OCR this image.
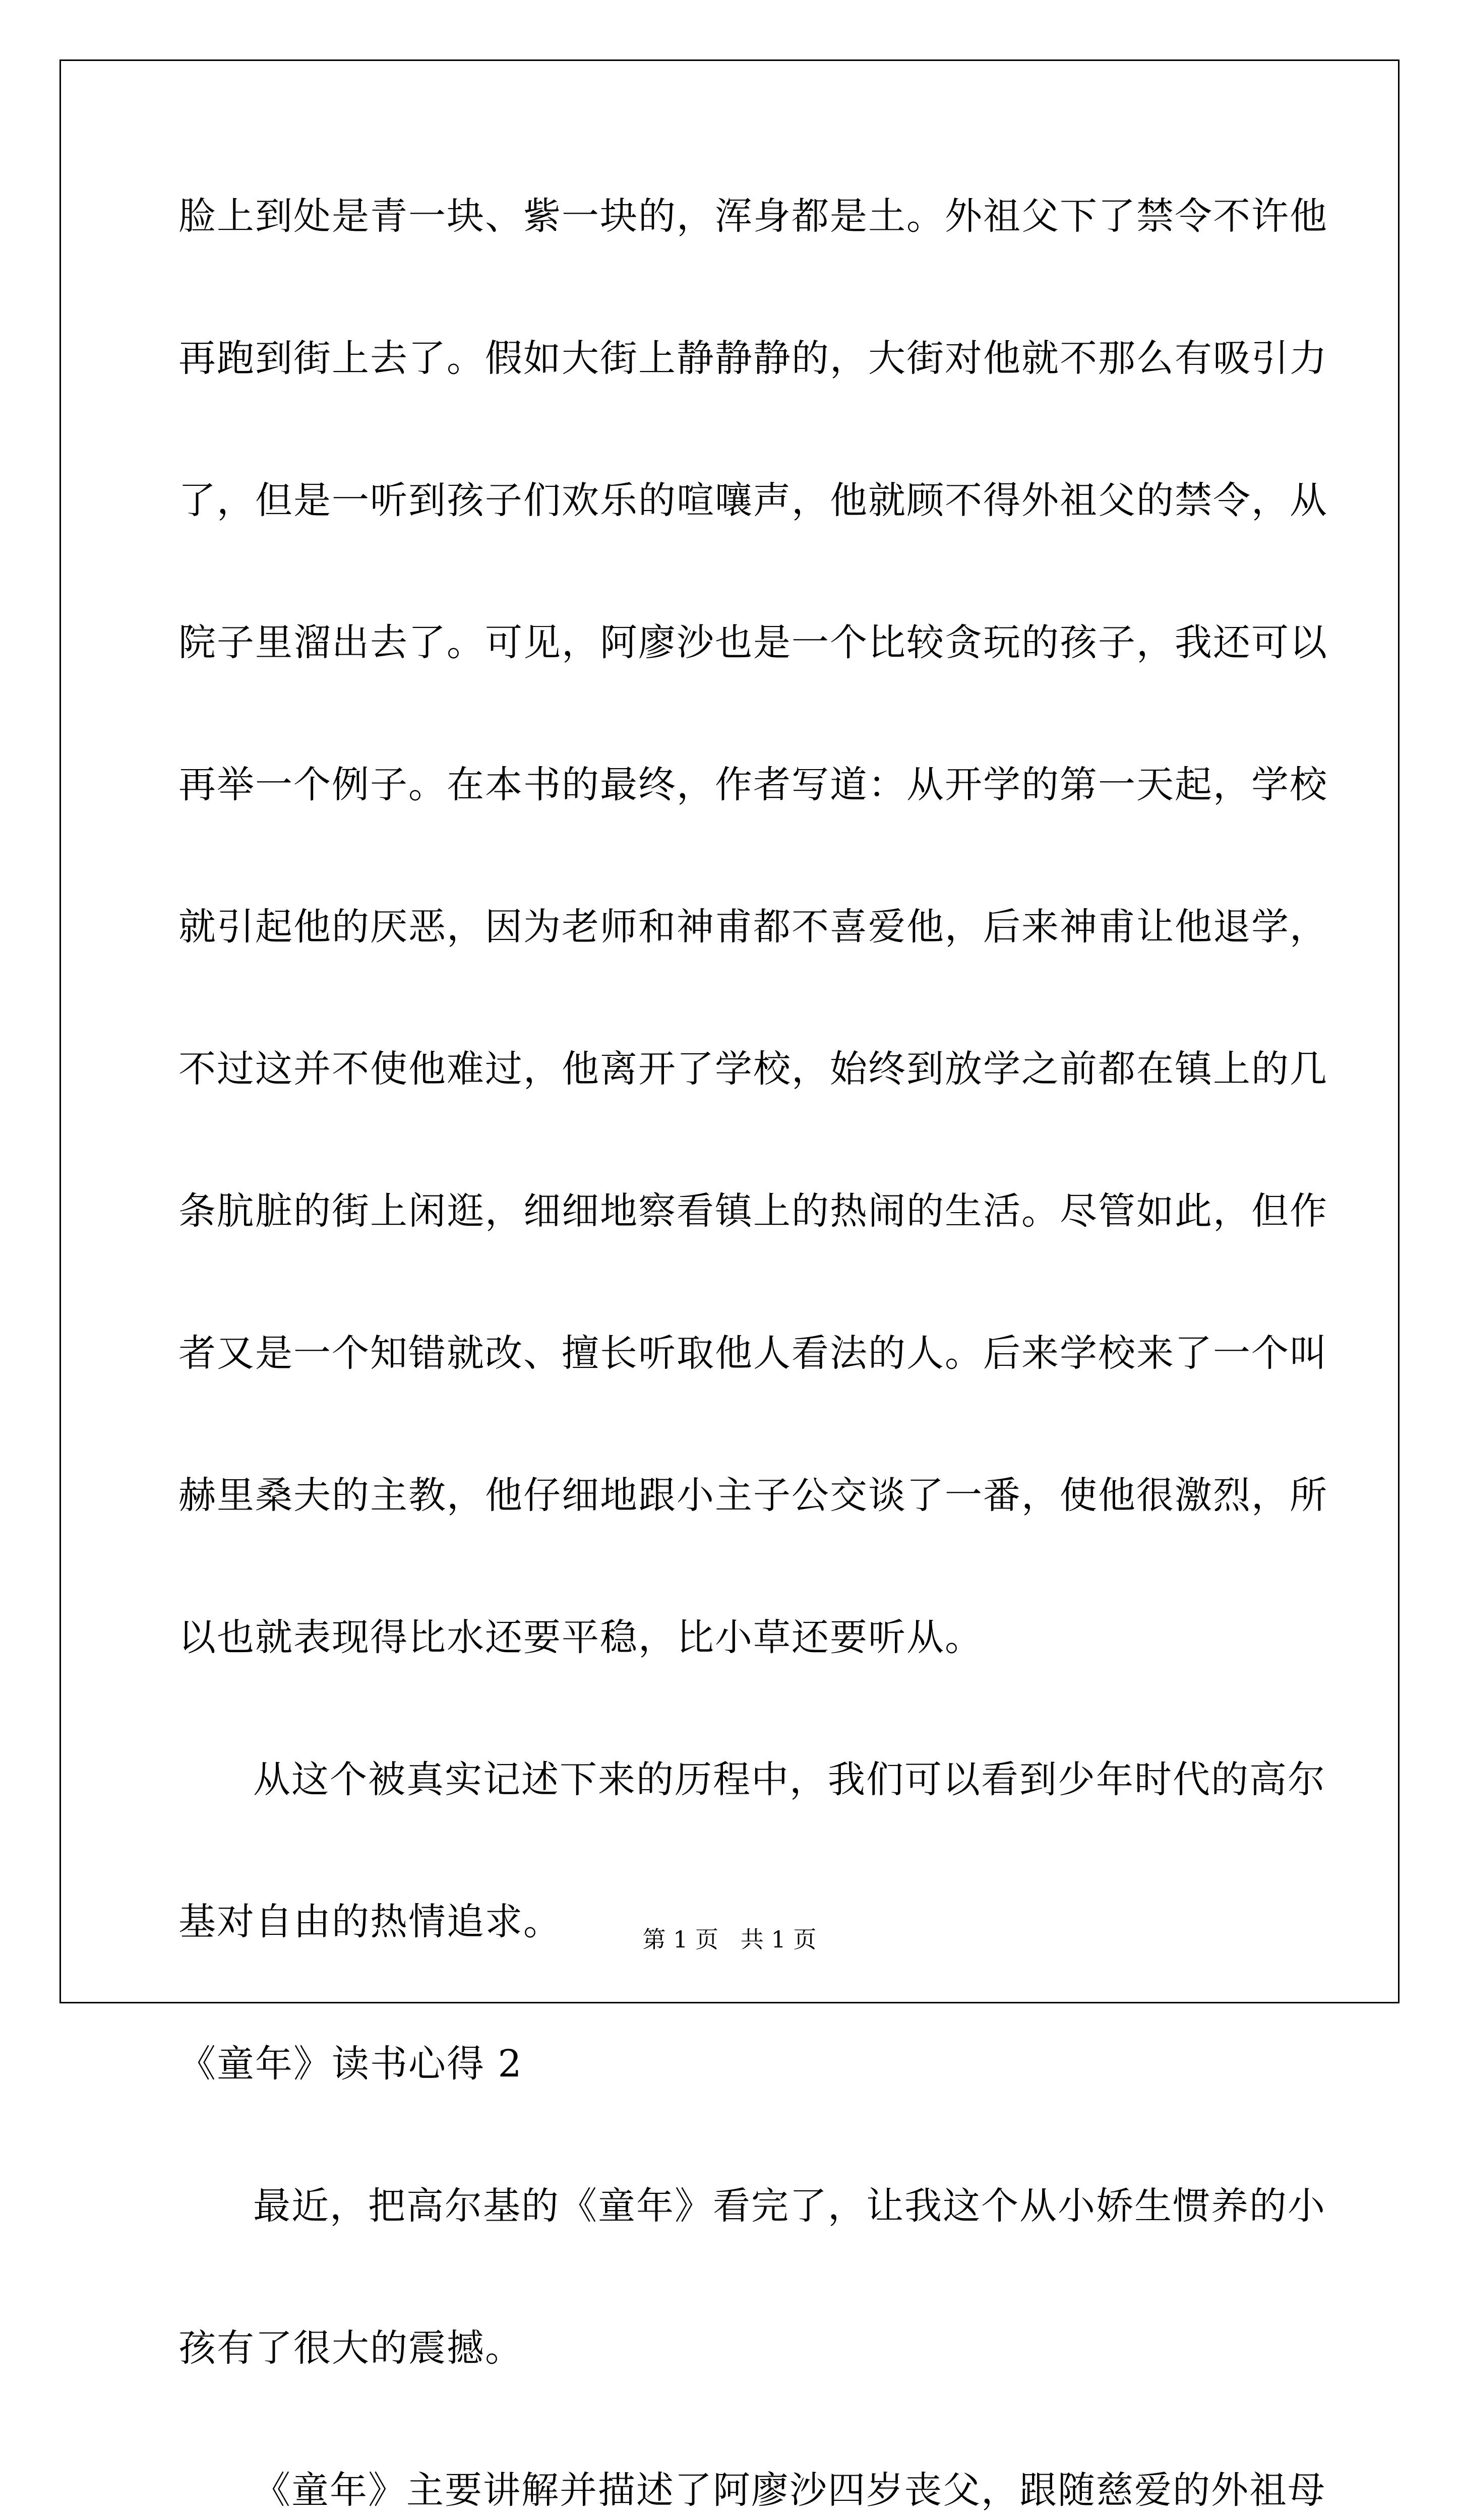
脸上到处是青一块、紫一块的，浑身都是土。外祖父下了禁令不许他
再跑到街上去了。假如大街上静静静的，大街对他就不那么有吸引力
了，但是一听到孩子们欢乐的喧嚷声，他就顾不得外祖父的禁令，从
院子里溜出去了。可见，阿廖沙也是一个比较贪玩的孩子，我还可以
再举一个例子。在本书的最终，作者写道：从开学的第一天起，学校
就引起他的厌恶，因为老师和神甫都不喜爱他，后来神甫让他退学，
不过这并不使他难过，他离开了学校，始终到放学之前都在镇上的几
条肮脏的街上闲逛，细细地察看镇上的热闹的生活。尽管如此，但作
者又是一个知错就改、擅长听取他人看法的人。后来学校来了一个叫
赫里桑夫的主教，他仔细地跟小主子公交谈了一番，使他很激烈，所
以也就表现得比水还要平稳，比小草还要听从。
从这个被真实记述下来的历程中，我们可以看到少年时代的高尔
基对自由的热情追求。
《童年》读书心得 2
最近，把高尔基的《童年》看完了，让我这个从小娇生惯养的小
孩有了很大的震撼。
《童年》主要讲解并描述了阿廖沙四岁丧父，跟随慈爱的外祖母
第 1 页   共 1 页
